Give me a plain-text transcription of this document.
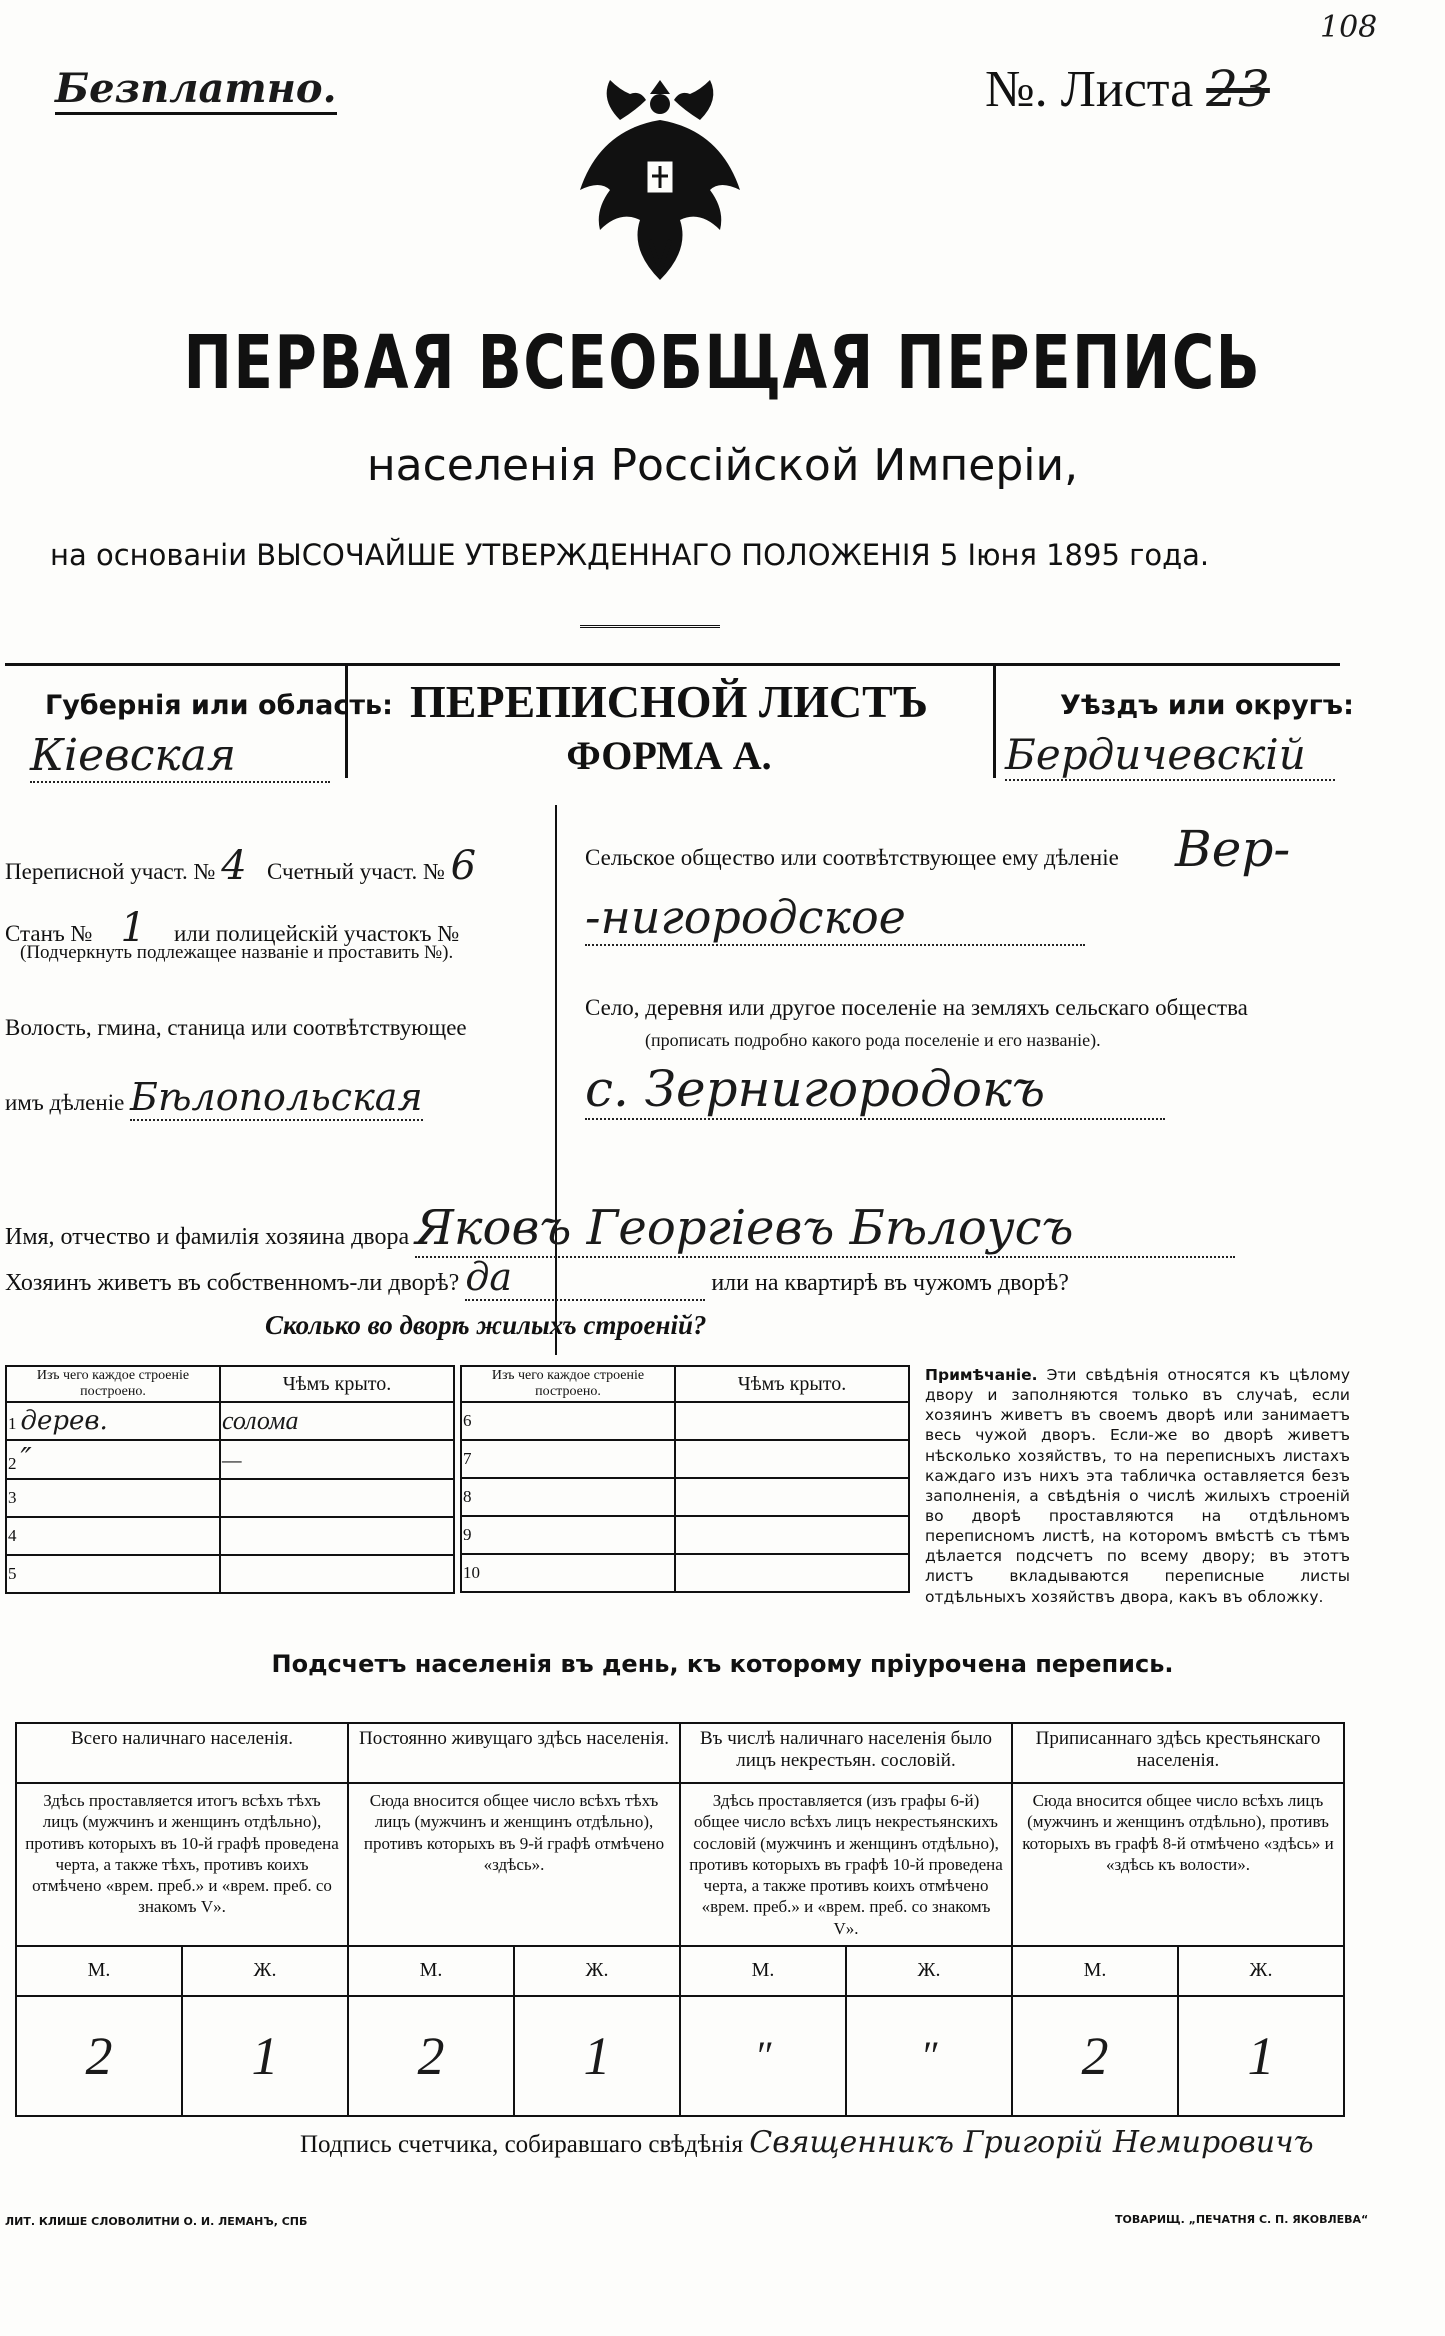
Безплатно.
108
№. Листа 23
ПЕРВАЯ ВСЕОБЩАЯ ПЕРЕПИСЬ
населенія Россійской Имперіи,
на основаніи ВЫСОЧАЙШЕ УТВЕРЖДЕННАГО ПОЛОЖЕНІЯ 5 Іюня 1895 года.
Губернія или область:
Кіевская
ПЕРЕПИСНОЙ ЛИСТЪ
ФОРМА А.
Уѣздъ или округъ:
Бердичевскій
Переписной участ. № 4 Счетный участ. № 6
Станъ № 1 или полицейскій участокъ №
(Подчеркнуть подлежащее названіе и проставить №).
Волость, гмина, станица или соотвѣтствующее
имъ дѣленіе Бѣлопольская
Сельское общество или соотвѣтствующее ему дѣленіе Вер-
-нигородское
Село, деревня или другое поселеніе на земляхъ сельскаго общества
(прописать подробно какого рода поселеніе и его названіе).
с. Зернигородокъ
Имя, отчество и фамилія хозяина двора Яковъ Георгіевъ Бѣлоусъ
Хозяинъ живетъ въ собственномъ-ли дворѣ? да	или на квартирѣ въ чужомъ дворѣ?
Сколько во дворѣ жилыхъ строеній?
Изъ чего каждое строеніе построено.	Чѣмъ крыто.
1 дерев.	солома
2 ″	—
3	
4	
5	
Изъ чего каждое строеніе построено.	Чѣмъ крыто.
6	
7	
8	
9	
10	
Примѣчаніе. Эти свѣдѣнія относятся къ цѣлому двору и заполняются только въ случаѣ, если хозяинъ живетъ въ своемъ дворѣ или занимаетъ весь чужой дворъ. Если-же во дворѣ живетъ нѣсколько хозяйствъ, то на переписныхъ листахъ каждаго изъ нихъ эта табличка оставляется безъ заполненія, а свѣдѣнія о числѣ жилыхъ строеній во дворѣ проставляются на отдѣльномъ переписномъ листѣ, на которомъ вмѣстѣ съ тѣмъ дѣлается подсчетъ по всему двору; въ этотъ листъ вкладываются переписные листы отдѣльныхъ хозяйствъ двора, какъ въ обложку.
Подсчетъ населенія въ день, къ которому пріурочена перепись.
Всего наличнаго населенія.		Постоянно живущаго здѣсь населенія.		Въ числѣ наличнаго населенія было лицъ некрестьян. сословій.		Приписаннаго здѣсь крестьянскаго населенія.	
Здѣсь проставляется итогъ всѣхъ тѣхъ лицъ (мужчинъ и женщинъ отдѣльно), противъ которыхъ въ 10-й графѣ проведена черта, а также тѣхъ, противъ коихъ отмѣчено «врем. преб.» и «врем. преб. со знакомъ V».		Сюда вносится общее число всѣхъ тѣхъ лицъ (мужчинъ и женщинъ отдѣльно), противъ которыхъ въ 9-й графѣ отмѣчено «здѣсь».		Здѣсь проставляется (изъ графы 6-й) общее число всѣхъ лицъ некрестьянскихъ сословій (мужчинъ и женщинъ отдѣльно), противъ которыхъ въ графѣ 10-й проведена черта, а также противъ коихъ отмѣчено «врем. преб.» и «врем. преб. со знакомъ V».		Сюда вносится общее число всѣхъ лицъ (мужчинъ и женщинъ отдѣльно), противъ которыхъ въ графѣ 8-й отмѣчено «здѣсь» и «здѣсь къ волости».	
М.	Ж.	М.	Ж.	М.	Ж.	М.	Ж.
2	1	2	1	″	″	2	1
Подпись счетчика, собиравшаго свѣдѣнія Священникъ Григорій Немировичъ
ЛИТ. КЛИШЕ СЛОВОЛИТНИ О. И. ЛЕМАНЪ, СПБ	ТОВАРИЩ. „ПЕЧАТНЯ С. П. ЯКОВЛЕВА“
